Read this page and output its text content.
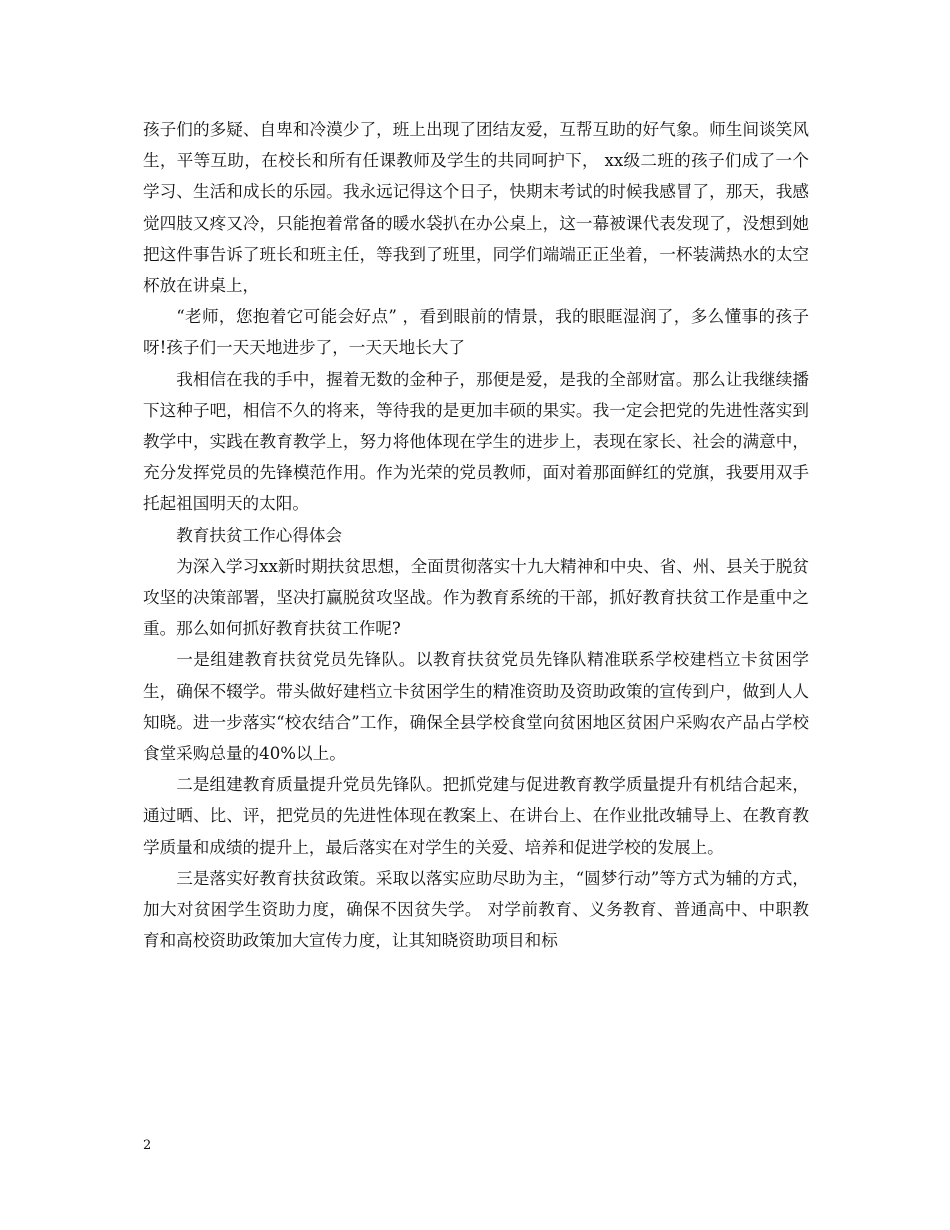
孩子们的多疑、自卑和冷漠少了，班上出现了团结友爱，互帮互助的好气象。师生间谈笑风生，平等互助，在校长和所有任课教师及学生的共同呵护下， xx级二班的孩子们成了一个学习、生活和成长的乐园。我永远记得这个日子，快期末考试的时候我感冒了，那天，我感觉四肢又疼又冷，只能抱着常备的暖水袋扒在办公桌上，这一幕被课代表发现了，没想到她把这件事告诉了班长和班主任，等我到了班里，同学们端端正正坐着，一杯装满热水的太空杯放在讲桌上，

“老师，您抱着它可能会好点” ，看到眼前的情景，我的眼眶湿润了，多么懂事的孩子呀!孩子们一天天地进步了，一天天地长大了

我相信在我的手中，握着无数的金种子，那便是爱，是我的全部财富。那么让我继续播下这种子吧，相信不久的将来，等待我的是更加丰硕的果实。我一定会把党的先进性落实到教学中，实践在教育教学上，努力将他体现在学生的进步上，表现在家长、社会的满意中，充分发挥党员的先锋模范作用。作为光荣的党员教师，面对着那面鲜红的党旗，我要用双手托起祖国明天的太阳。

教育扶贫工作心得体会

为深入学习xx新时期扶贫思想，全面贯彻落实十九大精神和中央、省、州、县关于脱贫攻坚的决策部署，坚决打赢脱贫攻坚战。作为教育系统的干部，抓好教育扶贫工作是重中之重。那么如何抓好教育扶贫工作呢?

一是组建教育扶贫党员先锋队。以教育扶贫党员先锋队精准联系学校建档立卡贫困学生，确保不辍学。带头做好建档立卡贫困学生的精准资助及资助政策的宣传到户，做到人人知晓。进一步落实“校农结合”工作，确保全县学校食堂向贫困地区贫困户采购农产品占学校食堂采购总量的40%以上。

二是组建教育质量提升党员先锋队。把抓党建与促进教育教学质量提升有机结合起来，通过晒、比、评，把党员的先进性体现在教案上、在讲台上、在作业批改辅导上、在教育教学质量和成绩的提升上，最后落实在对学生的关爱、培养和促进学校的发展上。

三是落实好教育扶贫政策。采取以落实应助尽助为主，“圆梦行动”等方式为辅的方式，加大对贫困学生资助力度，确保不因贫失学。 对学前教育、义务教育、普通高中、中职教育和高校资助政策加大宣传力度，让其知晓资助项目和标

2
